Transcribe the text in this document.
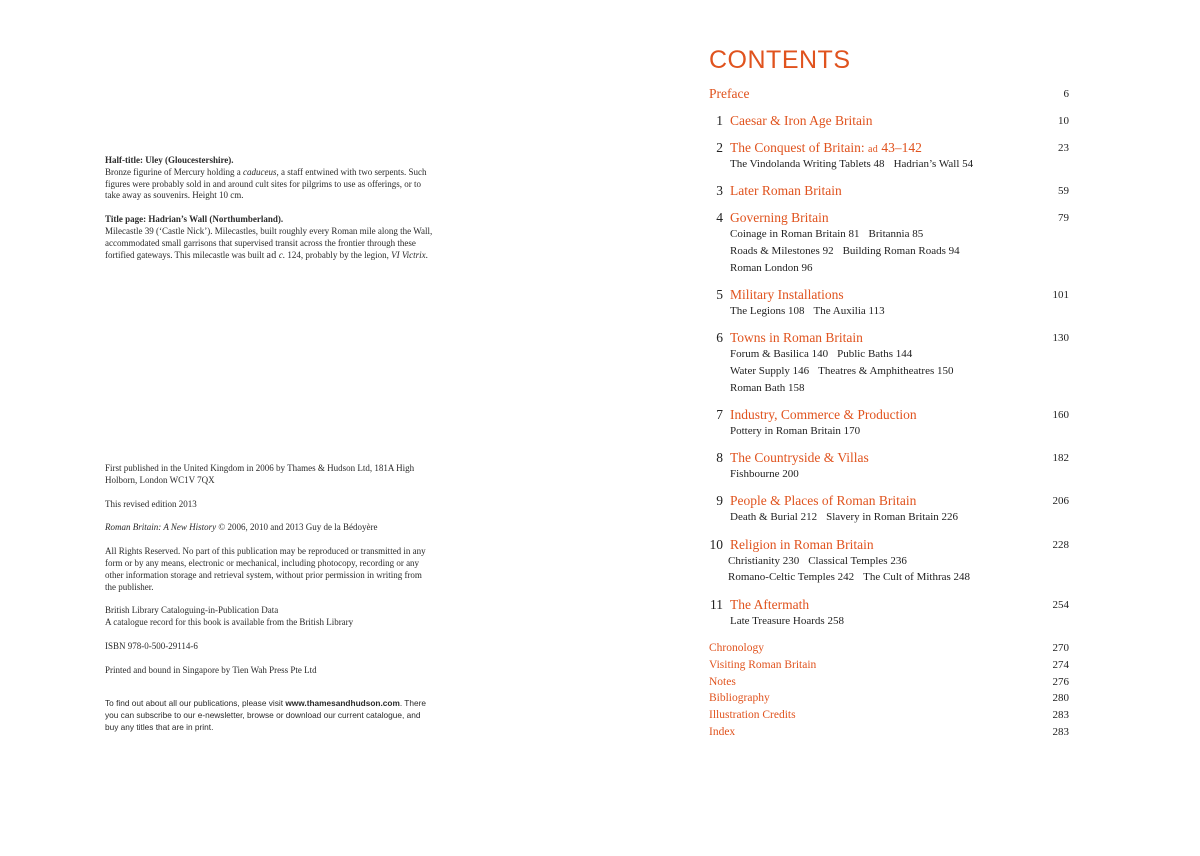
Half-title: Uley (Gloucestershire).
Bronze figurine of Mercury holding a caduceus, a staff entwined with two serpents. Such figures were probably sold in and around cult sites for pilgrims to use as offerings, or to take away as souvenirs. Height 10 cm.

Title page: Hadrian’s Wall (Northumberland).
Milecastle 39 (‘Castle Nick’). Milecastles, built roughly every Roman mile along the Wall, accommodated small garrisons that supervised transit across the frontier through these fortified gateways. This milecastle was built ad c. 124, probably by the legion, VI Victrix.

First published in the United Kingdom in 2006 by Thames & Hudson Ltd, 181A High Holborn, London WC1V 7QX

This revised edition 2013

Roman Britain: A New History © 2006, 2010 and 2013 Guy de la Bédoyère

All Rights Reserved. No part of this publication may be reproduced or transmitted in any form or by any means, electronic or mechanical, including photocopy, recording or any other information storage and retrieval system, without prior permission in writing from the publisher.

British Library Cataloguing-in-Publication Data
A catalogue record for this book is available from the British Library

ISBN 978-0-500-29114-6

Printed and bound in Singapore by Tien Wah Press Pte Ltd

To find out about all our publications, please visit www.thamesandhudson.com. There you can subscribe to our e-newsletter, browse or download our current catalogue, and buy any titles that are in print.

CONTENTS
Preface	6
1 Caesar & Iron Age Britain	10
2 The Conquest of Britain: ad 43–142	23
The Vindolanda Writing Tablets 48 Hadrian’s Wall 54
3 Later Roman Britain	59
4 Governing Britain	79
Coinage in Roman Britain 81 Britannia 85
Roads & Milestones 92 Building Roman Roads 94
Roman London 96
5 Military Installations	101
The Legions 108 The Auxilia 113
6 Towns in Roman Britain	130
Forum & Basilica 140 Public Baths 144
Water Supply 146 Theatres & Amphitheatres 150
Roman Bath 158
7 Industry, Commerce & Production	160
Pottery in Roman Britain 170
8 The Countryside & Villas	182
Fishbourne 200
9 People & Places of Roman Britain	206
Death & Burial 212 Slavery in Roman Britain 226
10 Religion in Roman Britain	228
Christianity 230 Classical Temples 236
Romano-Celtic Temples 242 The Cult of Mithras 248
11 The Aftermath	254
Late Treasure Hoards 258
Chronology	270
Visiting Roman Britain	274
Notes	276
Bibliography	280
Illustration Credits	283
Index	283
